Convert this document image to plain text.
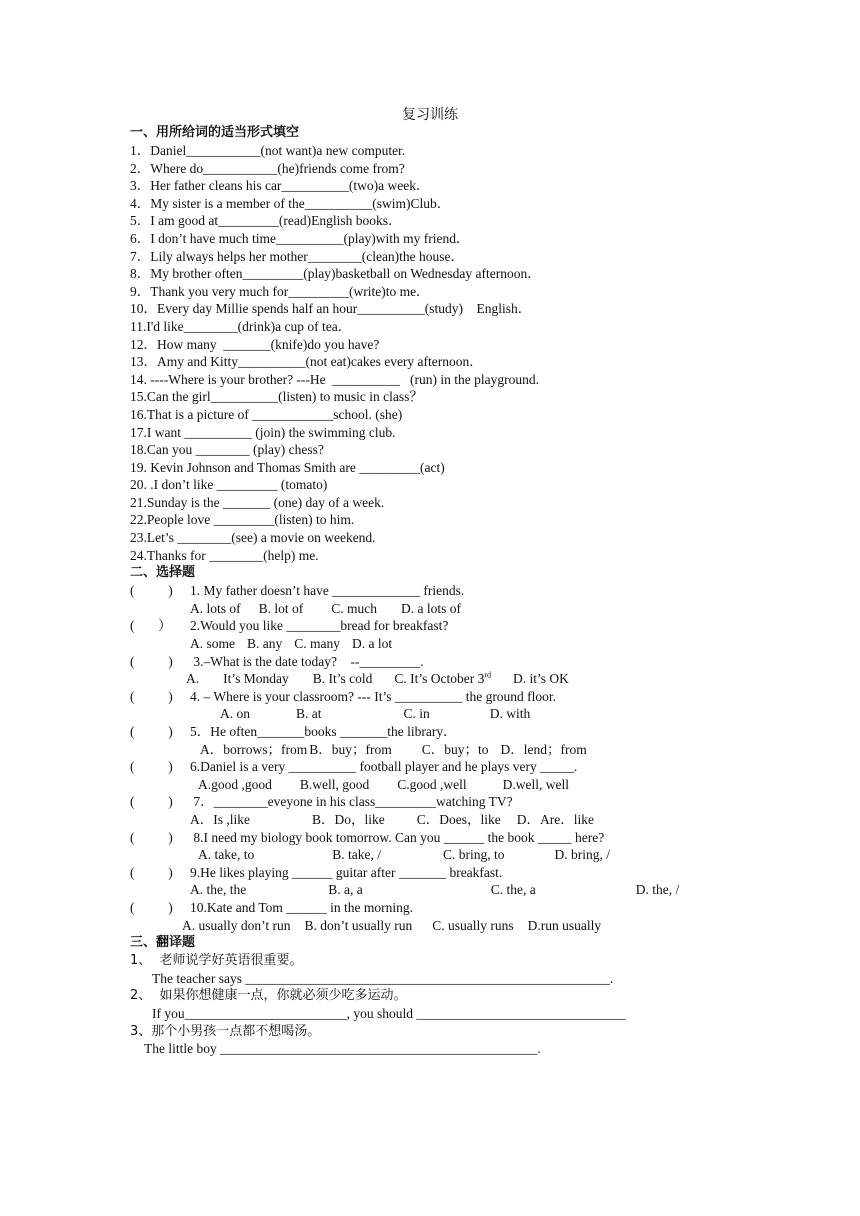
复习训练
一、用所给词的适当形式填空
1．Daniel___________(not want)a new computer.
2．Where do___________(he)friends come from?
3．Her father cleans his car__________(two)a week．
4．My sister is a member of the__________(swim)Club．
5．I am good at_________(read)English books．
6．I don’t have much time__________(play)with my friend．
7．Lily always helps her mother________(clean)the house．
8．My brother often_________(play)basketball on Wednesday afternoon．
9．Thank you very much for_________(write)to me．
10．Every day Millie spends half an hour__________(study)    English．
11.I'd like________(drink)a cup of tea．
12．How many  _______(knife)do you have?
13．Amy and Kitty__________(not eat)cakes every afternoon．
14. ----Where is your brother? ---He  __________   (run) in the playground.
15.Can the girl__________(listen) to music in class？
16.That is a picture of ____________school. (she)
17.I want __________ (join) the swimming club.
18.Can you ________ (play) chess?
19. Kevin Johnson and Thomas Smith are _________(act)
20. .I don’t like _________ (tomato)
21.Sunday is the _______ (one) day of a week.
22.People love _________(listen) to him.
23.Let’s ________(see) a movie on weekend.
24.Thanks for ________(help) me.
二、选择题
(          ) 1. My father doesn’t have _____________ friends.
A. lots of B. lot of C. much D. a lots of
(       ） 2.Would you like ________bread for breakfast?
A. some B. any C. many D. a lot
(          ) 3.–What is the date today?    --_________.
A. It’s Monday B. It’s cold C. It’s October 3rd D. it’s OK
(          ) 4. – Where is your classroom? --- It’s __________ the ground floor.
A. on	B. at	C. in	D. with
(          ) 5．He often_______books _______the library．
A．borrows；from B．buy；from C．buy；to D．lend；from
(          ) 6.Daniel is a very __________ football player and he plays very _____.
A.good ,good B.well, good C.good ,well	D.well, well
(          ) 7．________eveyone in his class_________watching TV?
A．Is ,like	B．Do，like C．Does，like D．Are．like
(          ) 8.I need my biology book tomorrow. Can you ______ the book _____ here?
A. take, to	B. take, /	C. bring, to	D. bring, /
(          ) 9.He likes playing ______ guitar after _______ breakfast.
A. the, the	B. a, a	C. the, a	D. the, /
(          ) 10.Kate and Tom ______ in the morning.
A. usually don’t run B. don’t usually run C. usually runs D.run usually
三、翻译题
1、  老师说学好英语很重要。
The teacher says ______________________________________________________.
2、  如果你想健康一点，你就必须少吃多运动。
If you________________________, you should _______________________________
3、那个小男孩一点都不想喝汤。
The little boy _______________________________________________.
